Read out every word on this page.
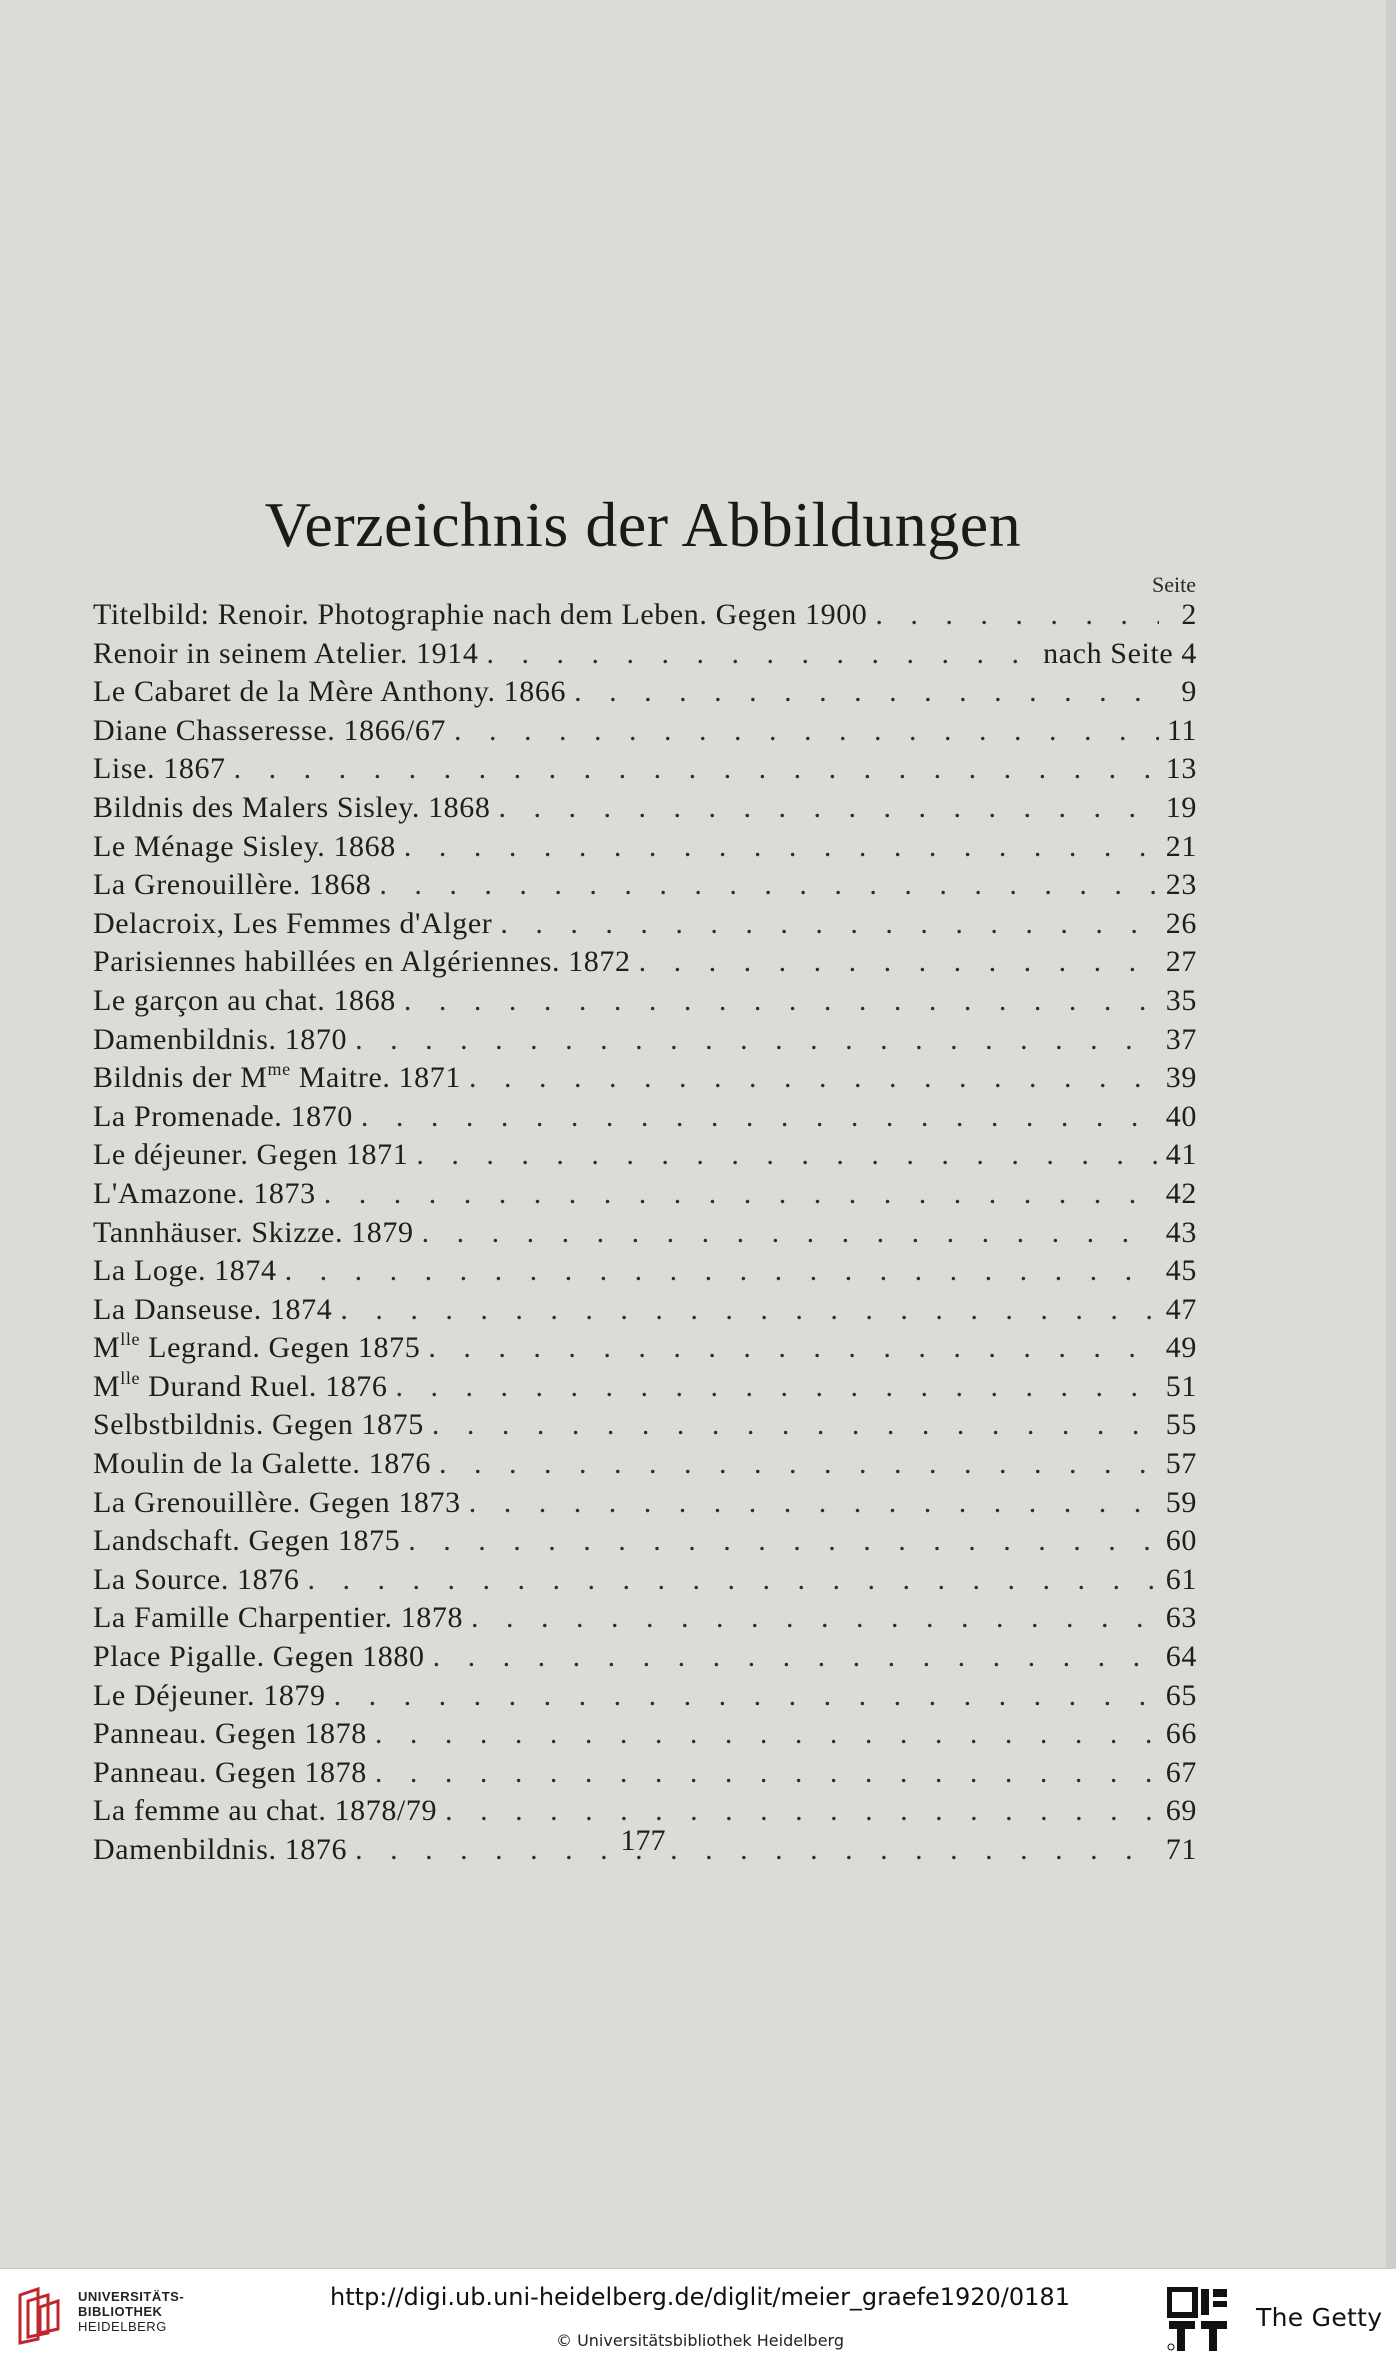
Verzeichnis der Abbildungen
Seite
Titelbild: Renoir. Photographie nach dem Leben. Gegen 1900 . . .	2
Renoir in seinem Atelier. 1914 . . .	nach Seite 4
Le Cabaret de la Mère Anthony. 1866 . . .	9
Diane Chasseresse. 1866/67 . . .	11
Lise. 1867 . . .	13
Bildnis des Malers Sisley. 1868 . . .	19
Le Ménage Sisley. 1868 . . .	21
La Grenouillère. 1868 . . .	23
Delacroix, Les Femmes d'Alger . . .	26
Parisiennes habillées en Algériennes. 1872 . . .	27
Le garçon au chat. 1868 . . .	35
Damenbildnis. 1870 . . .	37
Bildnis der $M^{me}$ Maitre. 1871 . . .	39
La Promenade. 1870 . . .	40
Le déjeuner. Gegen 1871 . . .	41
L'Amazone. 1873 . . .	42
Tannhäuser. Skizze. 1879 . . .	43
La Loge. 1874 . . .	45
La Danseuse. 1874 . . .	47
$M^{lle}$ Legrand. Gegen 1875 . . .	49
$M^{lle}$ Durand Ruel. 1876 . . .	51
Selbstbildnis. Gegen 1875 . . .	55
Moulin de la Galette. 1876 . . .	57
La Grenouillère. Gegen 1873 . . .	59
Landschaft. Gegen 1875 . . .	60
La Source. 1876 . . .	61
La Famille Charpentier. 1878 . . .	63
Place Pigalle. Gegen 1880 . . .	64
Le Déjeuner. 1879 . . .	65
Panneau. Gegen 1878 . . .	66
Panneau. Gegen 1878 . . .	67
La femme au chat. 1878/79 . . .	69
Damenbildnis. 1876 . . .	71
177
UNIVERSITÄTS-
BIBLIOTHEK
HEIDELBERG
http://digi.ub.uni-heidelberg.de/diglit/meier_graefe1920/0181
© Universitätsbibliothek Heidelberg
The Getty
